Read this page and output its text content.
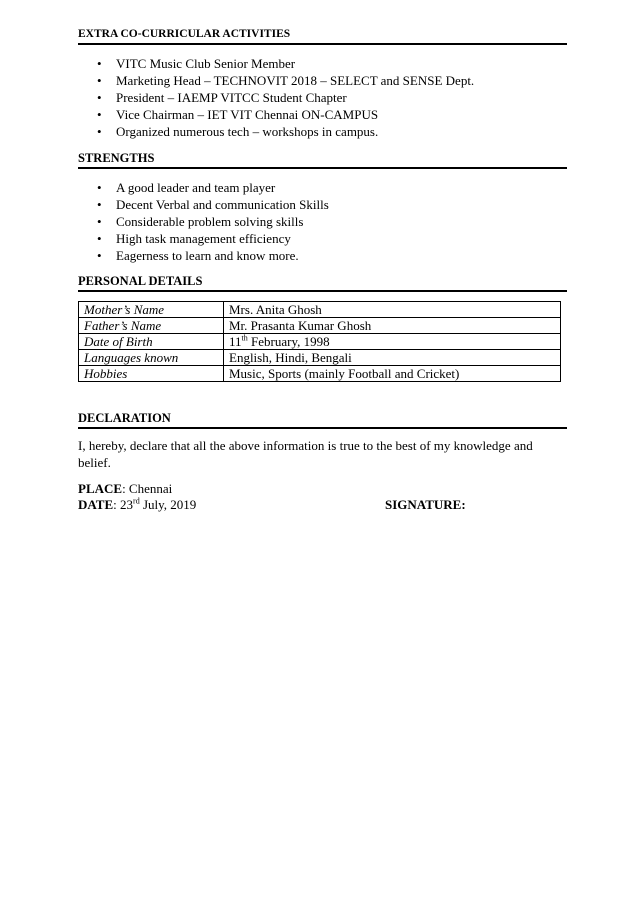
EXTRA CO-CURRICULAR ACTIVITIES
• VITC Music Club Senior Member
• Marketing Head – TECHNOVIT 2018 – SELECT and SENSE Dept.
• President – IAEMP VITCC Student Chapter
• Vice Chairman – IET VIT Chennai ON-CAMPUS
• Organized numerous tech – workshops in campus.
STRENGTHS
• A good leader and team player
• Decent Verbal and communication Skills
• Considerable problem solving skills
• High task management efficiency
• Eagerness to learn and know more.
PERSONAL DETAILS
Mother’s Name	Mrs. Anita Ghosh
Father’s Name	Mr. Prasanta Kumar Ghosh
Date of Birth	11th February, 1998
Languages known	English, Hindi, Bengali
Hobbies	Music, Sports (mainly Football and Cricket)
DECLARATION
I, hereby, declare that all the above information is true to the best of my knowledge and belief.
PLACE: Chennai
DATE: 23rd July, 2019	SIGNATURE:
